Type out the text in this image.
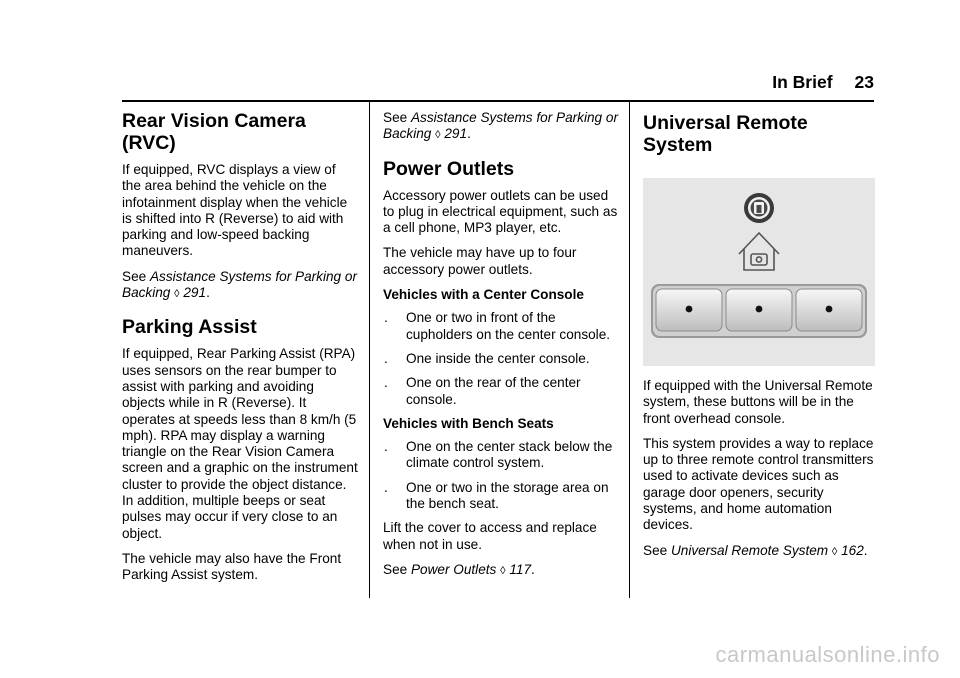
In Brief 23
Rear Vision Camera (RVC)

If equipped, RVC displays a view of the area behind the vehicle on the infotainment display when the vehicle is shifted into R (Reverse) to aid with parking and low-speed backing maneuvers.

See Assistance Systems for Parking or Backing ◊ 291.

Parking Assist

If equipped, Rear Parking Assist (RPA) uses sensors on the rear bumper to assist with parking and avoiding objects while in R (Reverse). It operates at speeds less than 8 km/h (5 mph). RPA may display a warning triangle on the Rear Vision Camera screen and a graphic on the instrument cluster to provide the object distance. In addition, multiple beeps or seat pulses may occur if very close to an object.

The vehicle may also have the Front Parking Assist system.

See Assistance Systems for Parking or Backing ◊ 291.

Power Outlets

Accessory power outlets can be used to plug in electrical equipment, such as a cell phone, MP3 player, etc.

The vehicle may have up to four accessory power outlets.

Vehicles with a Center Console

. One or two in front of the cupholders on the center console.
. One inside the center console.
. One on the rear of the center console.

Vehicles with Bench Seats

. One on the center stack below the climate control system.
. One or two in the storage area on the bench seat.

Lift the cover to access and replace when not in use.

See Power Outlets ◊ 117.

Universal Remote System

If equipped with the Universal Remote system, these buttons will be in the front overhead console.

This system provides a way to replace up to three remote control transmitters used to activate devices such as garage door openers, security systems, and home automation devices.

See Universal Remote System ◊ 162.

carmanualsonline.info
